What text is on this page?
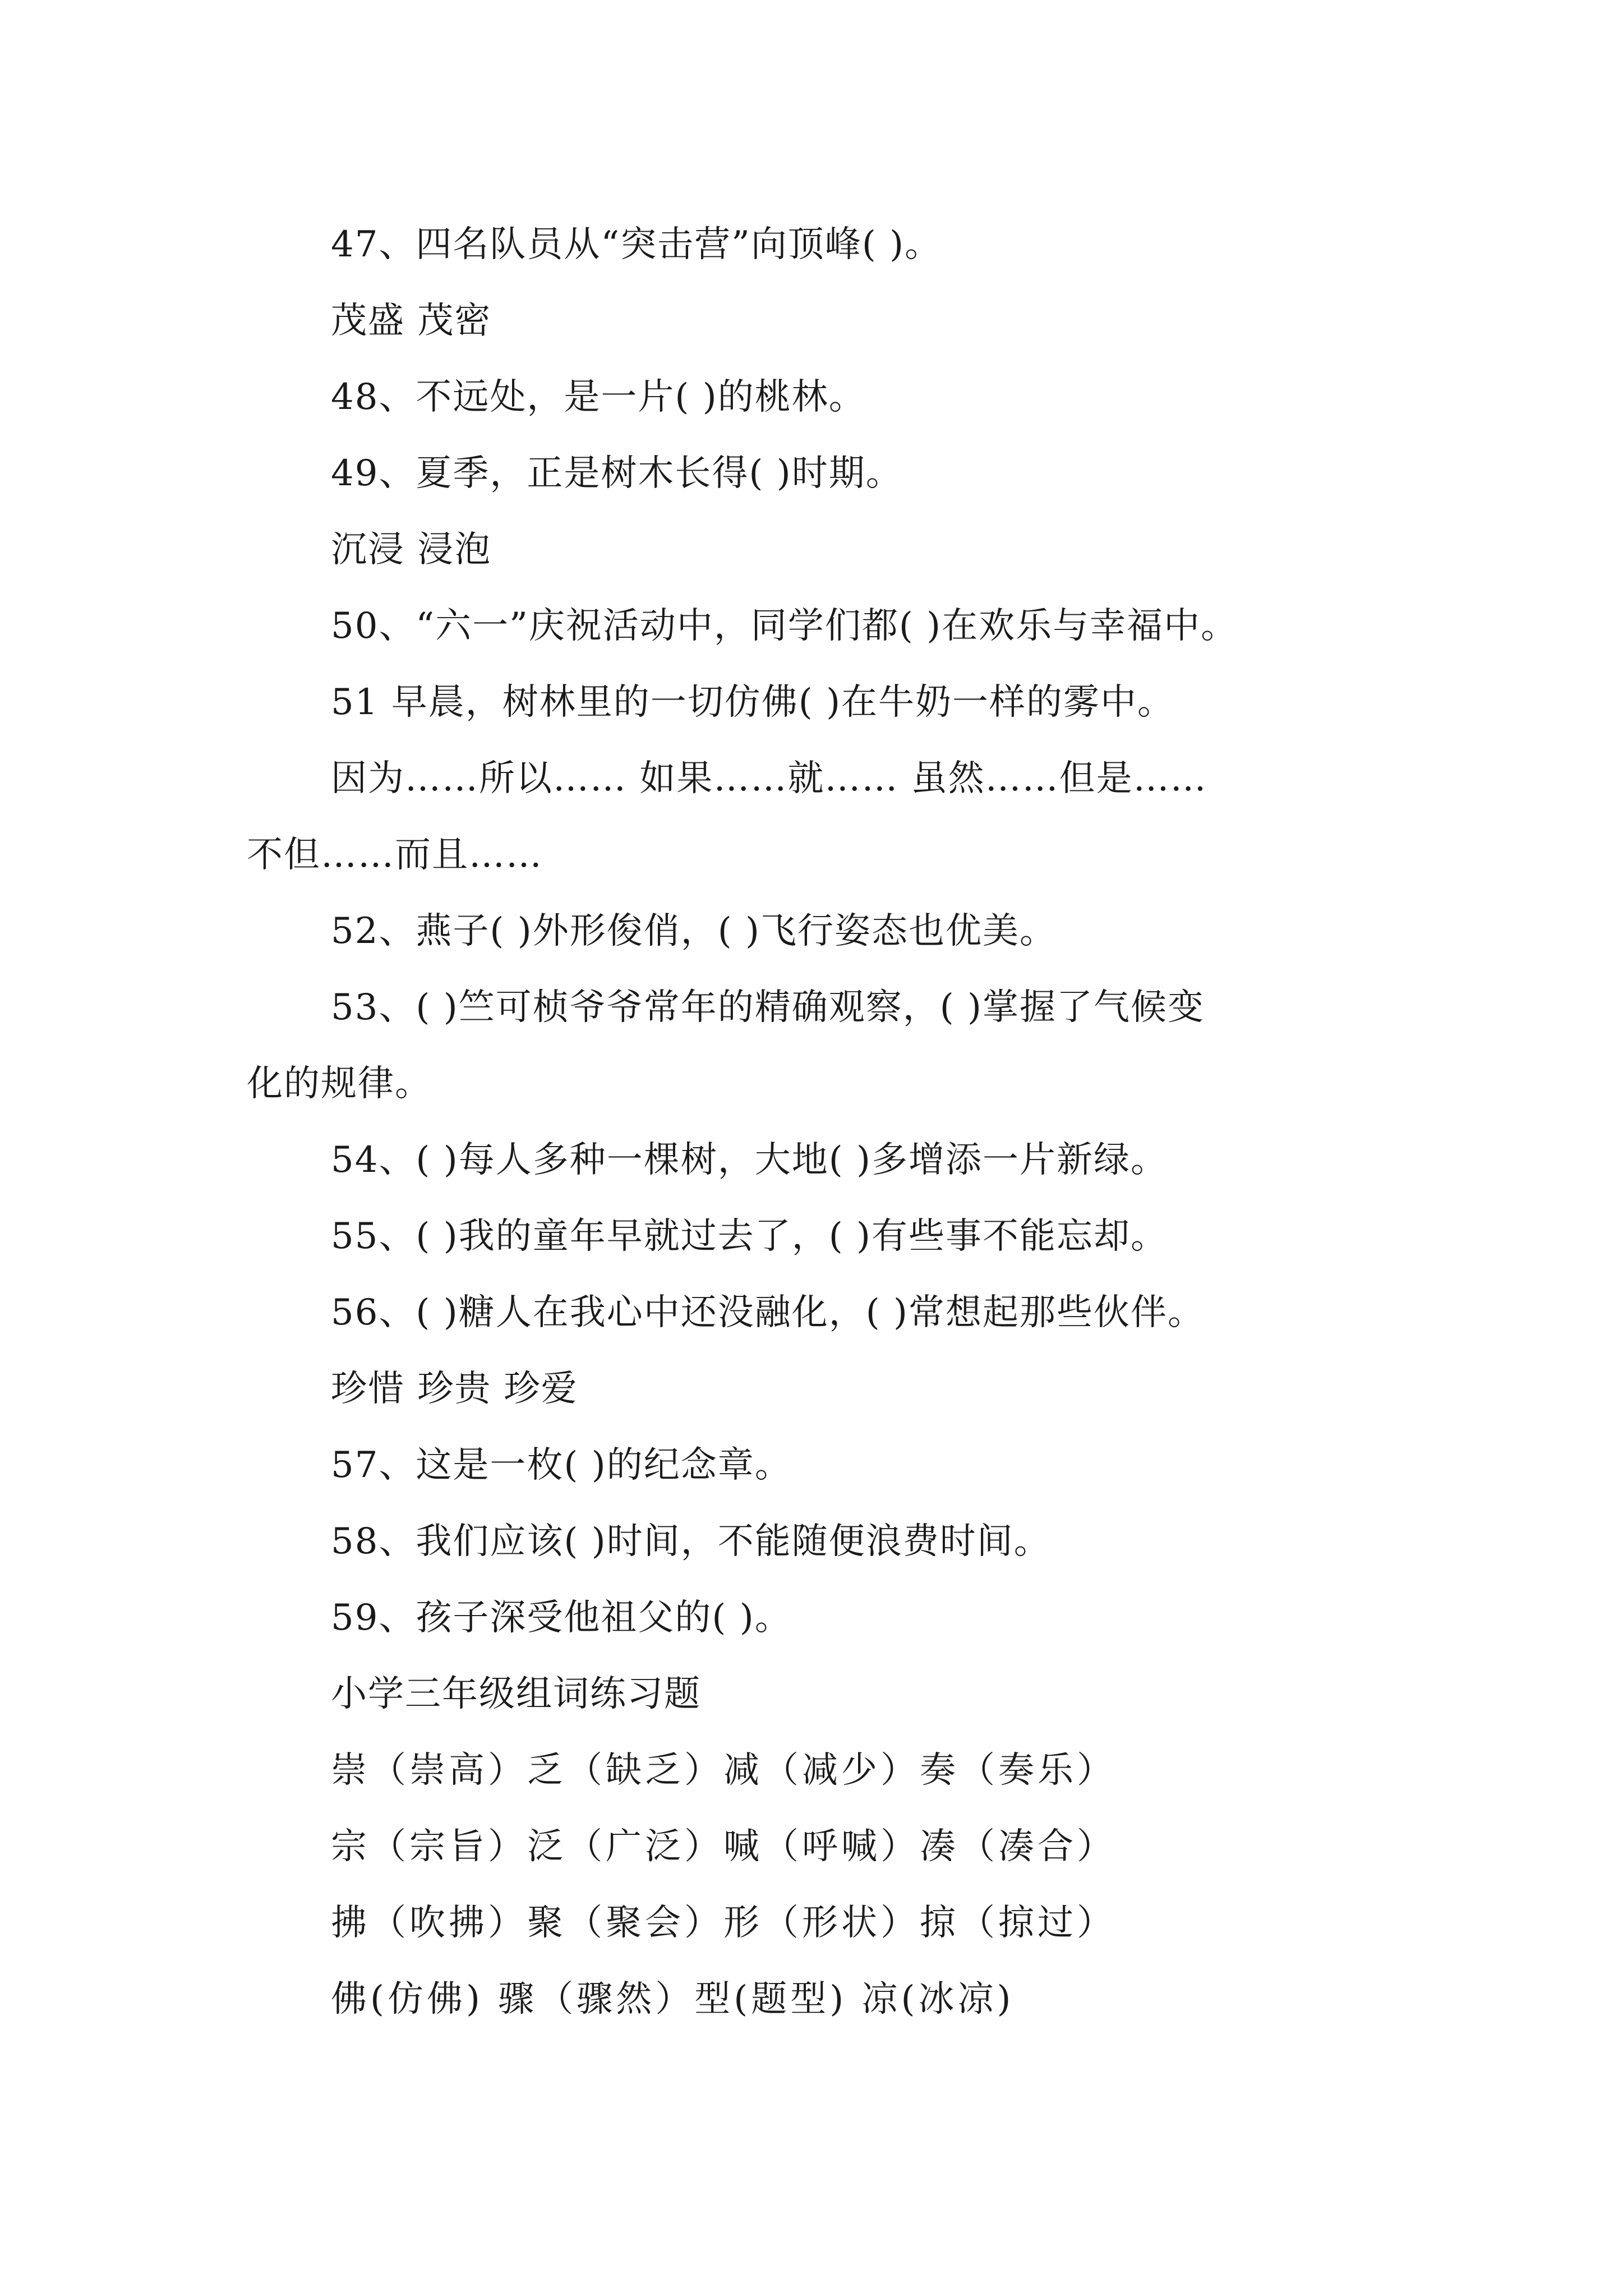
47、四名队员从“突击营”向顶峰( )。
茂盛 茂密
48、不远处，是一片( )的桃林。
49、夏季，正是树木长得( )时期。
沉浸 浸泡
50、“六一”庆祝活动中，同学们都( )在欢乐与幸福中。
51 早晨，树林里的一切仿佛( )在牛奶一样的雾中。
因为……所以…… 如果……就…… 虽然……但是……
不但……而且……
52、燕子( )外形俊俏，( )飞行姿态也优美。
53、( )竺可桢爷爷常年的精确观察，( )掌握了气候变
化的规律。
54、( )每人多种一棵树，大地( )多增添一片新绿。
55、( )我的童年早就过去了，( )有些事不能忘却。
56、( )糖人在我心中还没融化，( )常想起那些伙伴。
珍惜 珍贵 珍爱
57、这是一枚( )的纪念章。
58、我们应该( )时间，不能随便浪费时间。
59、孩子深受他祖父的( )。
小学三年级组词练习题
崇（崇高）乏（缺乏）减（减少）奏（奏乐）
宗（宗旨）泛（广泛）喊（呼喊）凑（凑合）
拂（吹拂）聚（聚会）形（形状）掠（掠过）
佛(仿佛) 骤（骤然）型(题型) 凉(冰凉)
